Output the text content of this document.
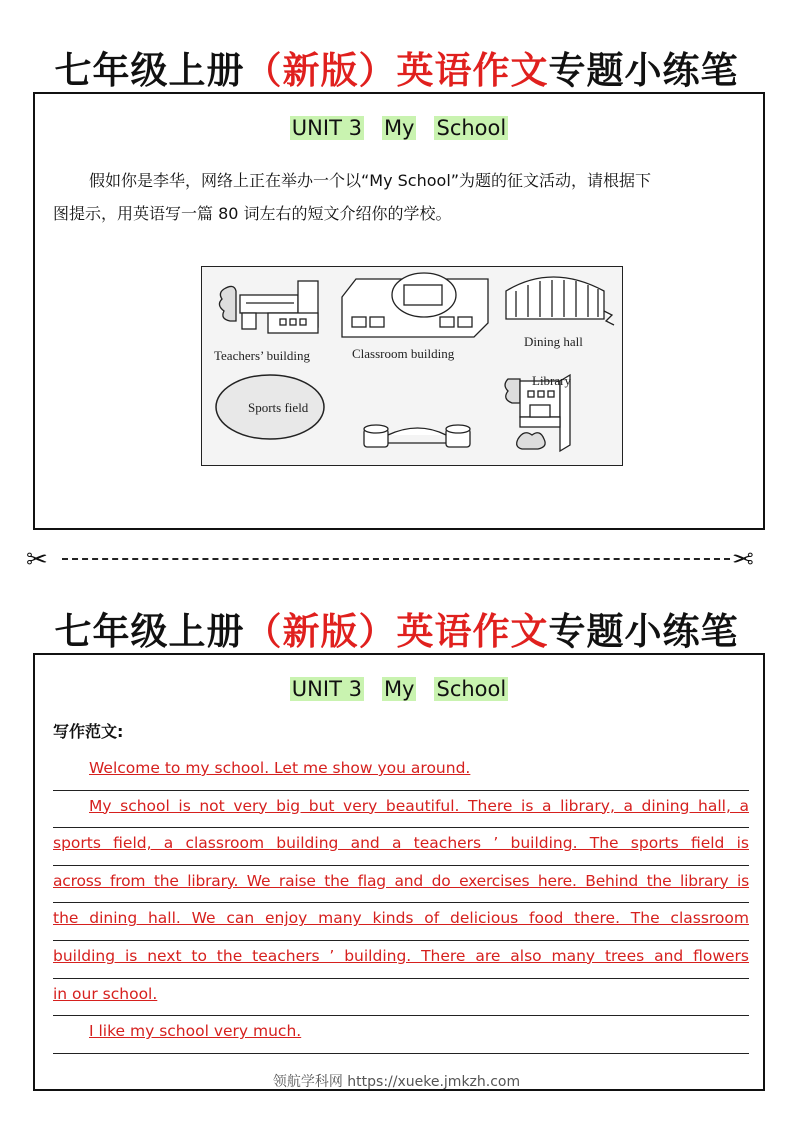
七年级上册（新版）英语作文专题小练笔
UNIT 3 My School
假如你是李华，网络上正在举办一个以“My School”为题的征文活动，请根据下
图提示，用英语写一篇 80 词左右的短文介绍你的学校。
Teachers’ building	Classroom building
Dining hall
Sports field
Library
✂	✂
七年级上册（新版）英语作文专题小练笔
UNIT 3 My School
写作范文:
Welcome to my school. Let me show you around.
My school is not very big but very beautiful. There is a library, a dining hall, a
sports field, a classroom building and a teachers ’ building. The sports field is
across from the library. We raise the flag and do exercises here. Behind the library is
the dining hall. We can enjoy many kinds of delicious food there. The classroom
building is next to the teachers ’ building. There are also many trees and flowers
in our school.
I like my school very much.
领航学科网 https://xueke.jmkzh.com
